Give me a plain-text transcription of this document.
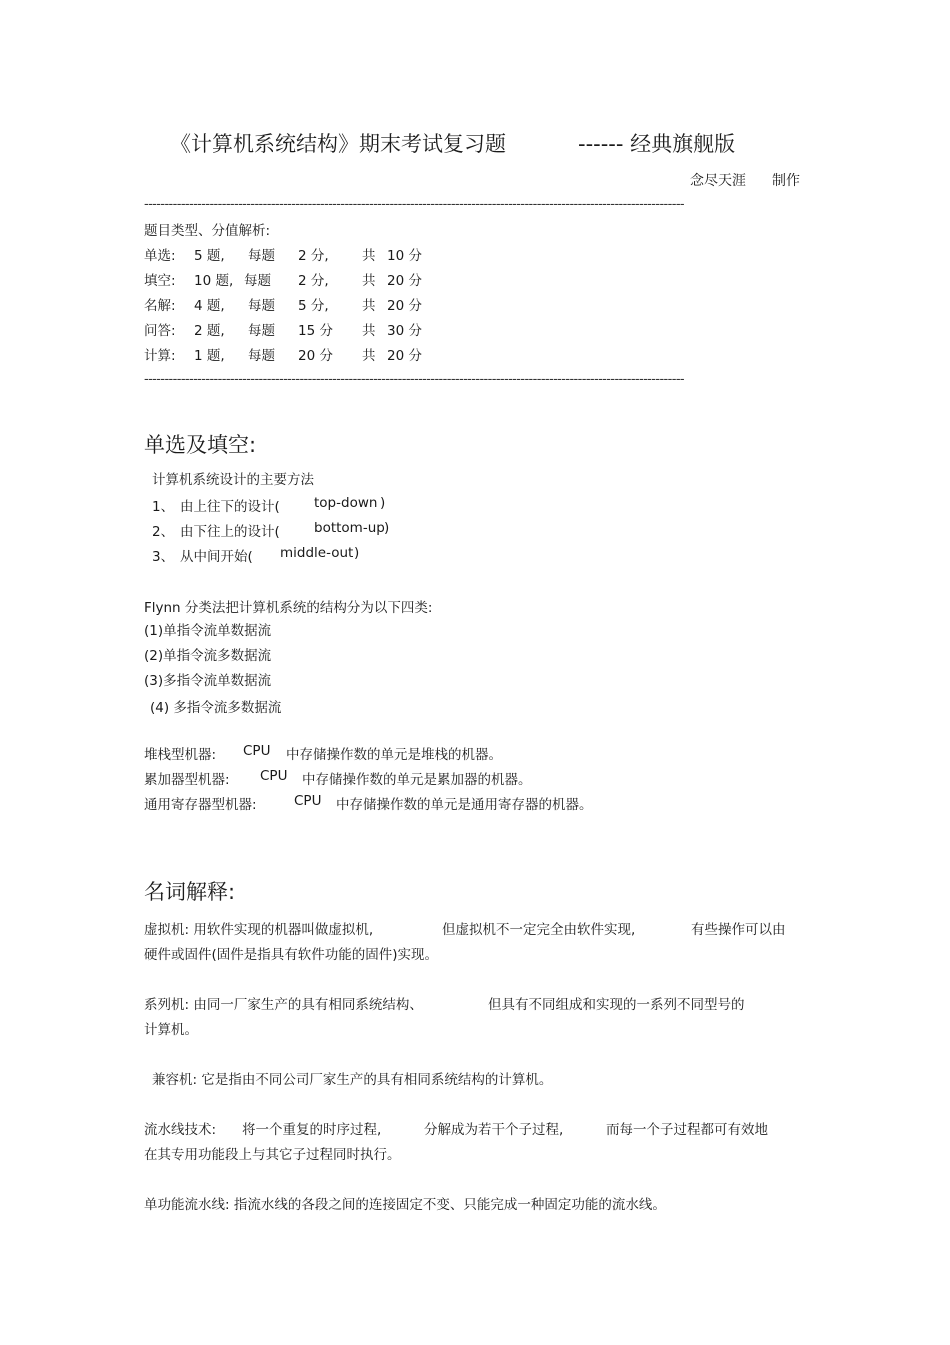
《计算机系统结构》期末考试复习题	------ 经典旗舰版
念尽天涯 制作
------------------------------------------------------------------------------------------------------------------------------------
题目类型、分值解析:
单选: 5 题, 每题 2 分, 共 10 分
填空: 10 题, 每题 2 分, 共 20 分
名解: 4 题, 每题 5 分, 共 20 分
问答: 2 题, 每题 15 分 共 30 分
计算: 1 题, 每题 20 分 共 20 分
------------------------------------------------------------------------------------------------------------------------------------
单选及填空:
计算机系统设计的主要方法
1、 由上往下的设计(	top-down )
2、 由下往上的设计(	bottom-up )
3、 从中间开始( middle-out )
Flynn 分类法把计算机系统的结构分为以下四类:
(1)单指令流单数据流
(2)单指令流多数据流
(3)多指令流单数据流
(4) 多指令流多数据流
堆栈型机器: CPU 中存储操作数的单元是堆栈的机器。
累加器型机器: CPU 中存储操作数的单元是累加器的机器。
通用寄存器型机器:	CPU 中存储操作数的单元是通用寄存器的机器。
名词解释:
虚拟机: 用软件实现的机器叫做虚拟机,	但虚拟机不一定完全由软件实现,	有些操作可以由
硬件或固件(固件是指具有软件功能的固件)实现。
系列机: 由同一厂家生产的具有相同系统结构、	但具有不同组成和实现的一系列不同型号的
计算机。
兼容机: 它是指由不同公司厂家生产的具有相同系统结构的计算机。
流水线技术: 将一个重复的时序过程,	分解成为若干个子过程,	而每一个子过程都可有效地
在其专用功能段上与其它子过程同时执行。
单功能流水线: 指流水线的各段之间的连接固定不变、只能完成一种固定功能的流水线。
